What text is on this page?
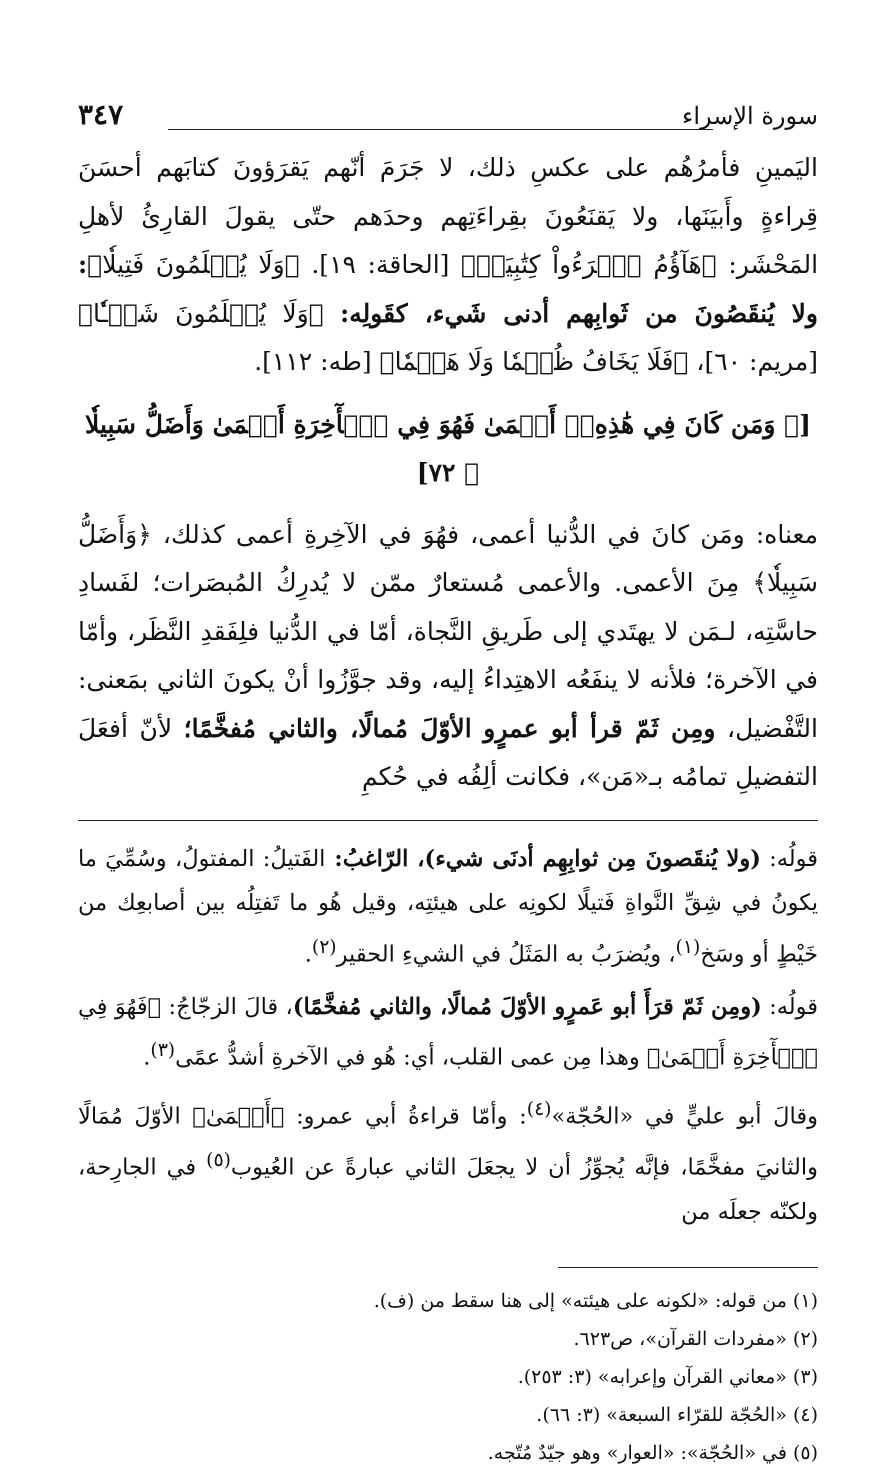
سورة الإسراء
٣٤٧

اليَمينِ فأمرُهُم على عكسِ ذلك، لا جَرَمَ أنّهم يَقرَؤونَ كتابَهم أحسَنَ قِراءةٍ وأَبيَنَها، ولا يَقنَعُونَ بقِراءَتِهم وحدَهم حتّى يقولَ القارِئُ لأهلِ المَحْشَر: ﴿هَآؤُمُ ٱقۡرَءُواْ كِتَٰبِيَهۡ﴾ [الحاقة: ١٩]. ﴿وَلَا يُظۡلَمُونَ فَتِيلٗا﴾: ولا يُنقَصُونَ من ثَوابِهم أدنى شَيء، كقَولِه: ﴿وَلَا يُظۡلَمُونَ شَيۡـٔٗا﴾ [مريم: ٦٠]، ﴿فَلَا يَخَافُ ظُلۡمٗا وَلَا هَضۡمٗا﴾ [طه: ١١٢].

[﴿ وَمَن كَانَ فِي هَٰذِهِۦٓ أَعۡمَىٰ فَهُوَ فِي ٱلۡأٓخِرَةِ أَعۡمَىٰ وَأَضَلُّ سَبِيلٗا ﴾ ٧٢]

معناه: ومَن كانَ في الدُّنيا أعمى، فهُوَ في الآخِرةِ أعمى كذلك، ﴿وَأَضَلُّ سَبِيلٗا﴾ مِنَ الأعمى. والأعمى مُستعارٌ ممّن لا يُدرِكُ المُبصَرات؛ لفَسادِ حاسَّتِه، لـمَن لا يهتَدي إلى طَريقِ النَّجاة، أمّا في الدُّنيا فلِفَقدِ النَّظَر، وأمّا في الآخرة؛ فلأنه لا ينفَعُه الاهتِداءُ إليه، وقد جوَّزُوا أنْ يكونَ الثاني بمَعنى: التَّفْضيل، ومِن ثَمّ قرأ أبو عمرٍو الأوّلَ مُمالًا، والثاني مُفخَّمًا؛ لأنّ أفعَلَ التفضيلِ تمامُه بـ«مَن»، فكانت ألِفُه في حُكمِ

قولُه: (ولا يُنقَصونَ مِن ثوابِهِم أدنَى شيء)، الرّاغبُ: الفَتيلُ: المفتولُ، وسُمِّيَ ما يكونُ في شِقِّ النَّواةِ فَتيلًا لكونِه على هيئتِه، وقيل هُو ما تَفتِلُه بين أصابعِك من خَيْطٍ أو وسَخ$^{(١)}$، ويُضرَبُ به المَثَلُ في الشيءِ الحقير$^{(٢)}$.

قولُه: (ومِن ثَمّ قرَأَ أبو عَمرٍو الأوّلَ مُمالًا، والثاني مُفخَّمًا)، قالَ الزجّاجُ: ﴿فَهُوَ فِي ٱلۡأٓخِرَةِ أَعۡمَىٰ﴾ وهذا مِن عمى القلب، أي: هُو في الآخرةِ أشدُّ عمًى$^{(٣)}$.

وقالَ أبو عليٍّ في «الحُجّة»$^{(٤)}$: وأمّا قراءةُ أبي عمرو: ﴿أَعۡمَىٰ﴾ الأوّلَ مُمَالًا والثانيَ مفخَّمًا، فإنَّه يُجوِّزُ أن لا يجعَلَ الثاني عبارةً عن العُيوب$^{(٥)}$ في الجارِحة، ولكنّه جعلَه من

(١) من قوله: «لكونه على هيئته» إلى هنا سقط من (ف).

(٢) «مفردات القرآن»، ص٦٢٣.

(٣) «معاني القرآن وإعرابه» (٣: ٢٥٣).

(٤) «الحُجّة للقرّاء السبعة» (٣: ٦٦).

(٥) في «الحُجّة»: «العوار» وهو جيّدٌ مُتّجه.
